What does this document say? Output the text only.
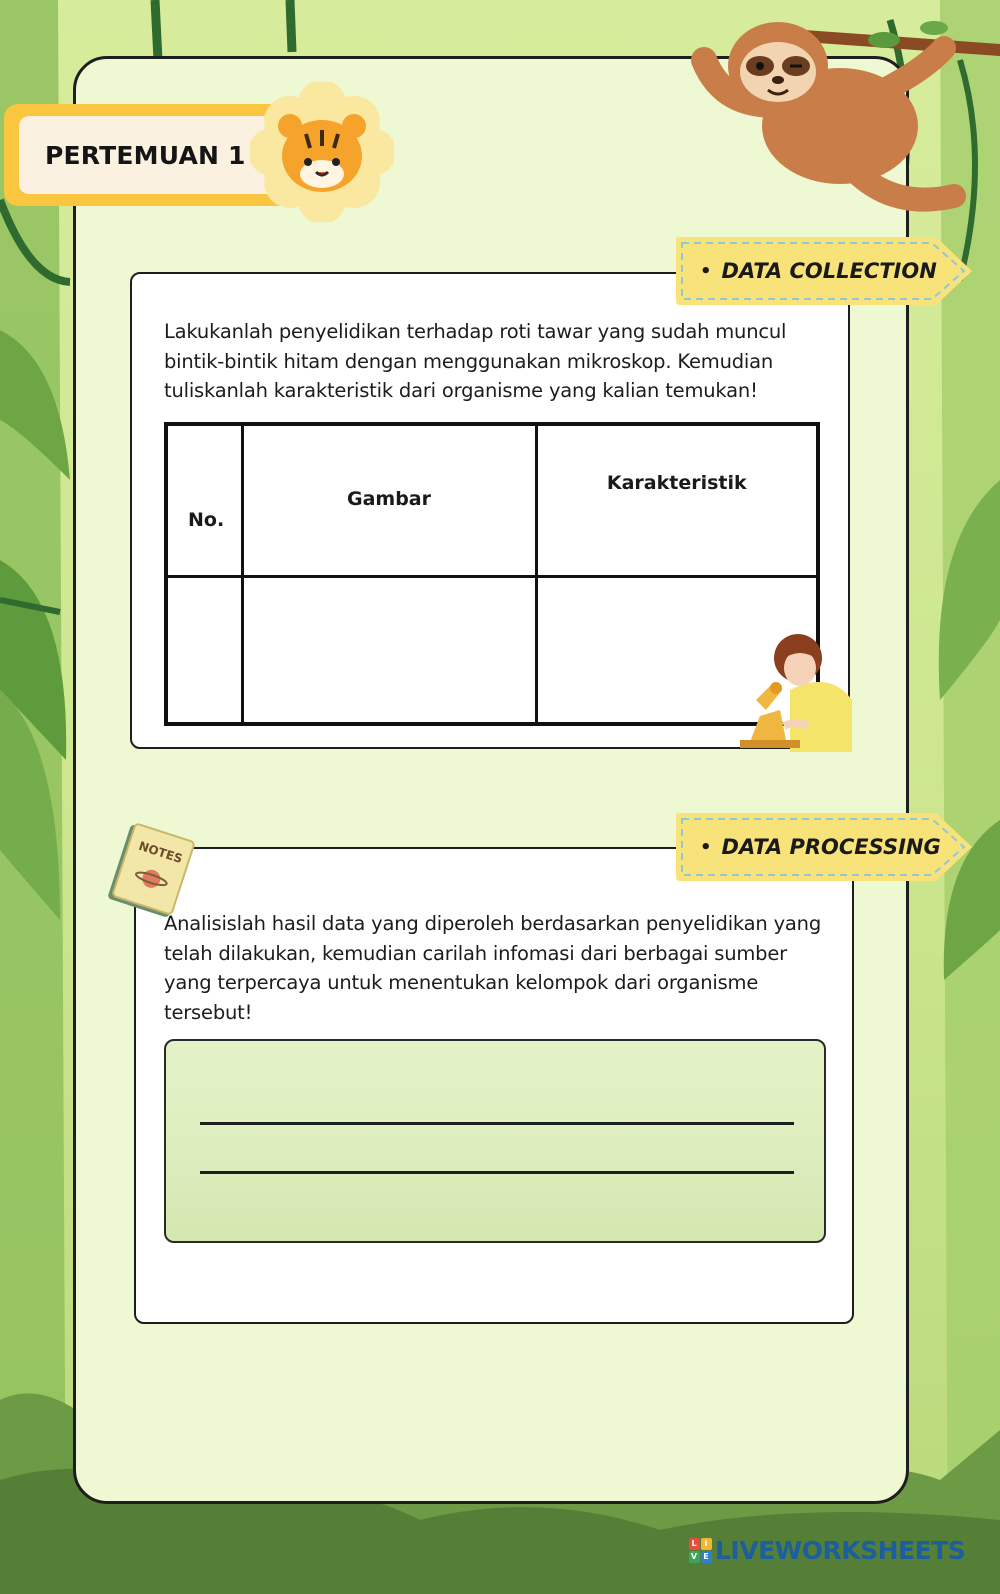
PERTEMUAN 1
• DATA COLLECTION
Lakukanlah penyelidikan terhadap roti tawar yang sudah muncul bintik-bintik hitam dengan menggunakan mikroskop. Kemudian tuliskanlah karakteristik dari organisme yang kalian temukan!
No.	Gambar	Karakteristik

• DATA PROCESSING
NOTES
Analisislah hasil data yang diperoleh berdasarkan penyelidikan yang telah dilakukan, kemudian carilah infomasi dari berbagai sumber yang terpercaya untuk menentukan kelompok dari organisme tersebut!
L I
V E LIVEWORKSHEETS
